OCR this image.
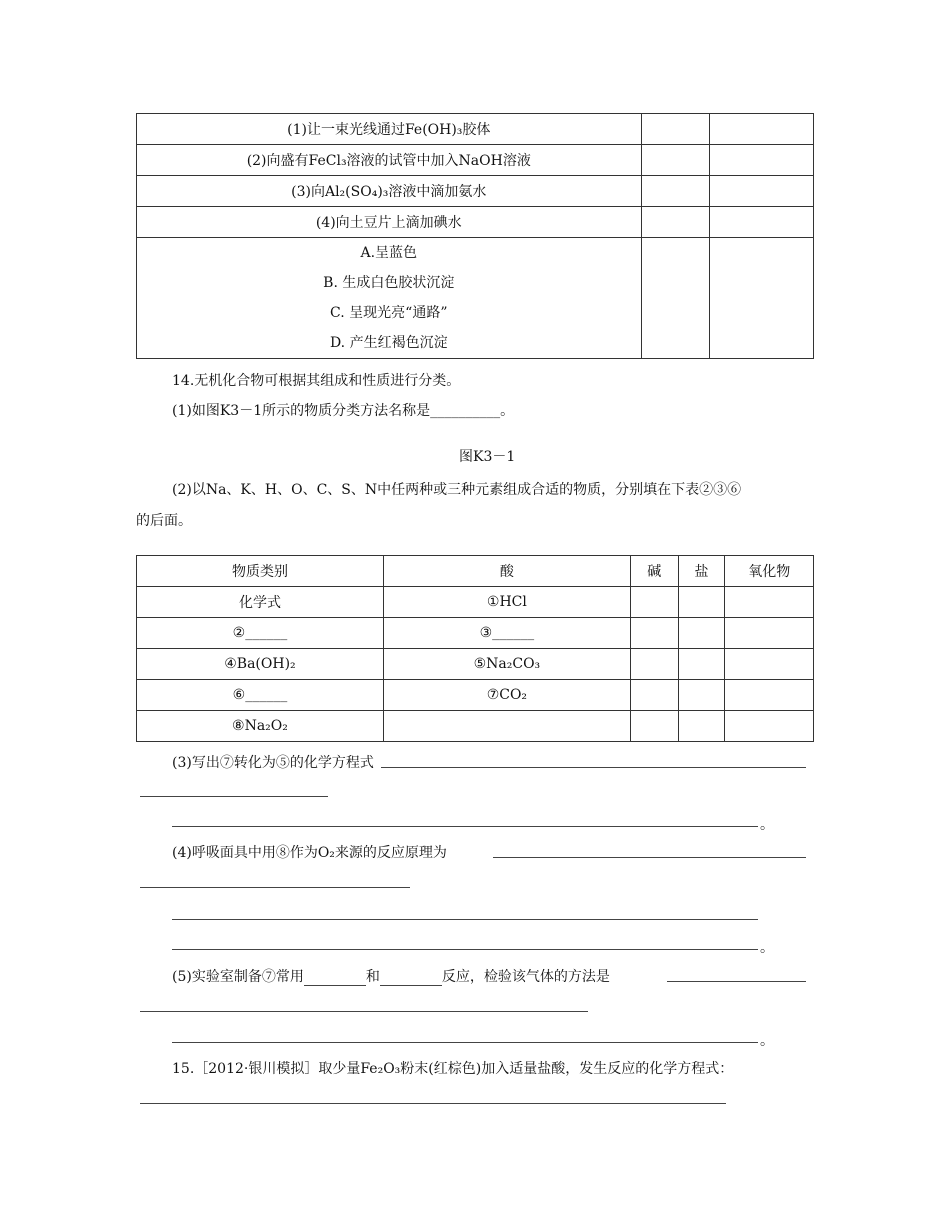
(1)让一束光线通过Fe(OH)₃胶体		
(2)向盛有FeCl₃溶液的试管中加入NaOH溶液		
(3)向Al₂(SO₄)₃溶液中滴加氨水		
(4)向土豆片上滴加碘水		

A.呈蓝色
B. 生成白色胶状沉淀
C. 呈现光亮“通路”
D. 产生红褐色沉淀		

14.无机化合物可根据其组成和性质进行分类。
(1)如图K3－1所示的物质分类方法名称是__________。
图K3－1
(2)以Na、K、H、O、C、S、N中任两种或三种元素组成合适的物质，分别填在下表②③⑥
的后面。
物质类别	酸	碱	盐	氧化物
化学式	①HCl			
②______	③______			
④Ba(OH)₂	⑤Na₂CO₃			
⑥______	⑦CO₂			
⑧Na₂O₂				
(3)写出⑦转化为⑤的化学方程式
。
(4)呼吸面具中用⑧作为O₂来源的反应原理为
。
(5)实验室制备⑦常用	和	反应，检验该气体的方法是
。
15.［2012·银川模拟］取少量Fe₂O₃粉末(红棕色)加入适量盐酸，发生反应的化学方程式：
